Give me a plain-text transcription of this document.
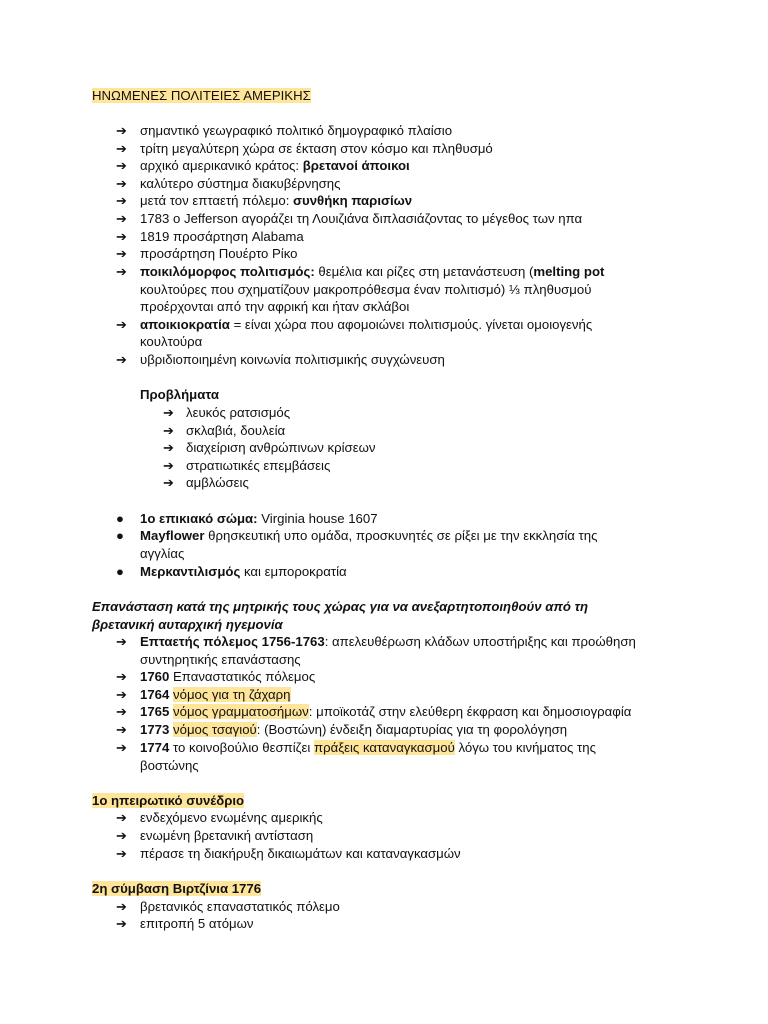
ΗΝΩΜΕΝΕΣ ΠΟΛΙΤΕΙΕΣ ΑΜΕΡΙΚΗΣ
➔ σημαντικό γεωγραφικό πολιτικό δημογραφικό πλαίσιο
➔ τρίτη μεγαλύτερη χώρα σε έκταση στον κόσμο και πληθυσμό
➔ αρχικό αμερικανικό κράτος: βρετανοί άποικοι
➔ καλύτερο σύστημα διακυβέρνησης
➔ μετά τον επταετή πόλεμο: συνθήκη παρισίων
➔ 1783 ο Jefferson αγοράζει τη Λουιζιάνα διπλασιάζοντας το μέγεθος των ηπα
➔ 1819 προσάρτηση Alabama
➔ προσάρτηση Πουέρτο Ρίκο
➔ ποικιλόμορφος πολιτισμός: θεμέλια και ρίζες στη μετανάστευση (melting pot
κουλτούρες που σχηματίζουν μακροπρόθεσμα έναν πολιτισμό) ⅓ πληθυσμού
προέρχονται από την αφρική και ήταν σκλάβοι
➔ αποικιοκρατία = είναι χώρα που αφομοιώνει πολιτισμούς. γίνεται ομοιογενής
κουλτούρα
➔ υβριδιοποιημένη κοινωνία πολιτισμικής συγχώνευση
Προβλήματα
➔ λευκός ρατσισμός
➔ σκλαβιά, δουλεία
➔ διαχείριση ανθρώπινων κρίσεων
➔ στρατιωτικές επεμβάσεις
➔ αμβλώσεις
● 1ο επικιακό σώμα: Virginia house 1607
● Mayflower θρησκευτική υπο ομάδα, προσκυνητές σε ρίξει με την εκκλησία της
αγγλίας
● Μερκαντιλισμός και εμπορoκρατία
Επανάσταση κατά της μητρικής τους χώρας για να ανεξαρτητοποιηθούν από τη
βρετανική αυταρχική ηγεμονία
➔ Επταετής πόλεμος 1756-1763: απελευθέρωση κλάδων υποστήριξης και προώθηση
συντηρητικής επανάστασης
➔ 1760 Επαναστατικός πόλεμος
➔ 1764 νόμος για τη ζάχαρη
➔ 1765 νόμος γραμματοσήμων: μποϊκοτάζ στην ελεύθερη έκφραση και δημοσιογραφία
➔ 1773 νόμος τσαγιού: (Βοστώνη) ένδειξη διαμαρτυρίας για τη φορολόγηση
➔ 1774 το κοινοβούλιο θεσπίζει πράξεις καταναγκασμού λόγω του κινήματος της
βοστώνης
1ο ηπειρωτικό συνέδριο
➔ ενδεχόμενο ενωμένης αμερικής
➔ ενωμένη βρετανική αντίσταση
➔ πέρασε τη διακήρυξη δικαιωμάτων και καταναγκασμών
2η σύμβαση Βιρτζίνια 1776
➔ βρετανικός επαναστατικός πόλεμο
➔ επιτροπή 5 ατόμων
